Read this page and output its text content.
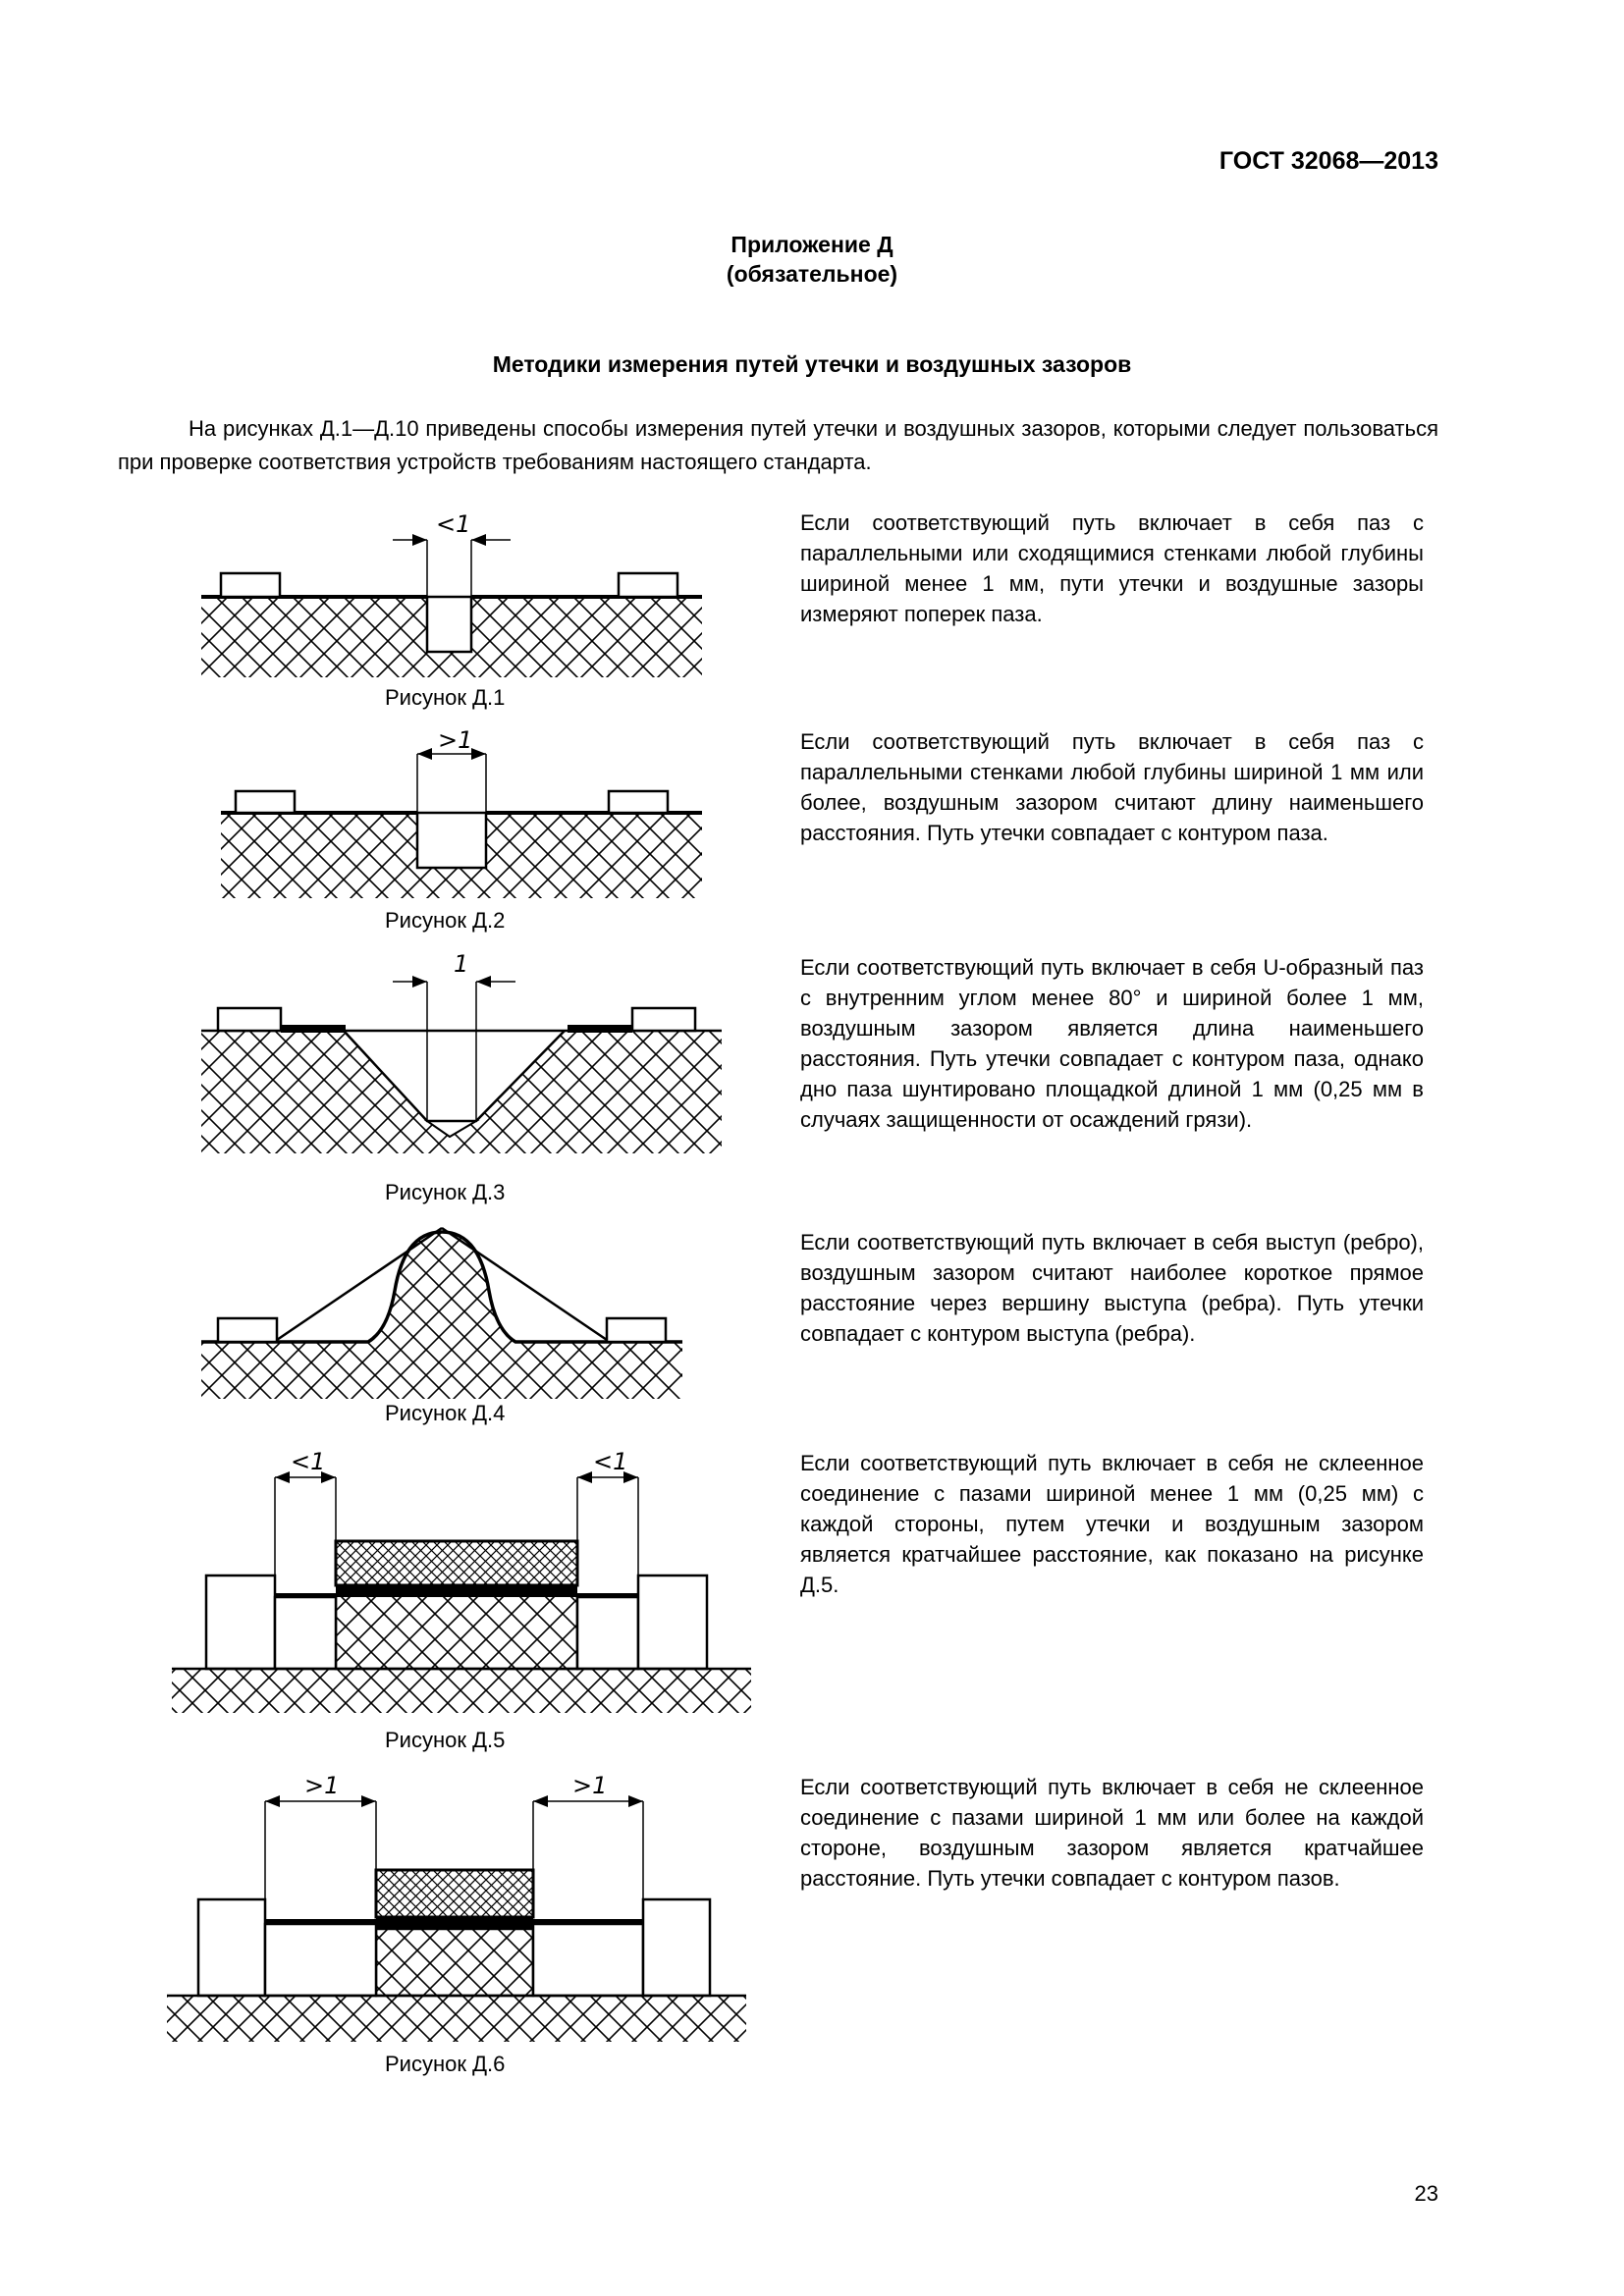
ГОСТ 32068—2013
Приложение Д
(обязательное)
Методики измерения путей утечки и воздушных зазоров
На рисунках Д.1—Д.10 приведены способы измерения путей утечки и воздушных зазоров, которыми следует пользоваться при проверке соответствия устройств требованиям настоящего стандарта.
<1
Рисунок Д.1
Если соответствующий путь включает в себя паз с параллельными или сходящимися стенками любой глубины шириной менее 1 мм, пути утечки и воздушные зазоры измеряют поперек паза.
>1
Рисунок Д.2
Если соответствующий путь включает в себя паз с параллельными стенками любой глубины шириной 1 мм или более, воздушным зазором считают длину наименьшего расстояния. Путь утечки совпадает с контуром паза.
1
Рисунок Д.3
Если соответствующий путь включает в себя U-образный паз с внутренним углом менее 80° и шириной более 1 мм, воздушным зазором является длина наименьшего расстояния. Путь утечки совпадает с контуром паза, однако дно паза шунтировано площадкой длиной 1 мм (0,25 мм в случаях защищенности от осаждений грязи).
Рисунок Д.4
Если соответствующий путь включает в себя выступ (ребро), воздушным зазором считают наиболее короткое прямое расстояние через вершину выступа (ребра). Путь утечки совпадает с контуром выступа (ребра).
<1	<1
Рисунок Д.5
Если соответствующий путь включает в себя не склеенное соединение с пазами шириной менее 1 мм (0,25 мм) с каждой стороны, путем утечки и воздушным зазором является кратчайшее расстояние, как показано на рисунке Д.5.
>1	>1
Рисунок Д.6
Если соответствующий путь включает в себя не склеенное соединение с пазами шириной 1 мм или более на каждой стороне, воздушным зазором является кратчайшее расстояние. Путь утечки совпадает с контуром пазов.
23
